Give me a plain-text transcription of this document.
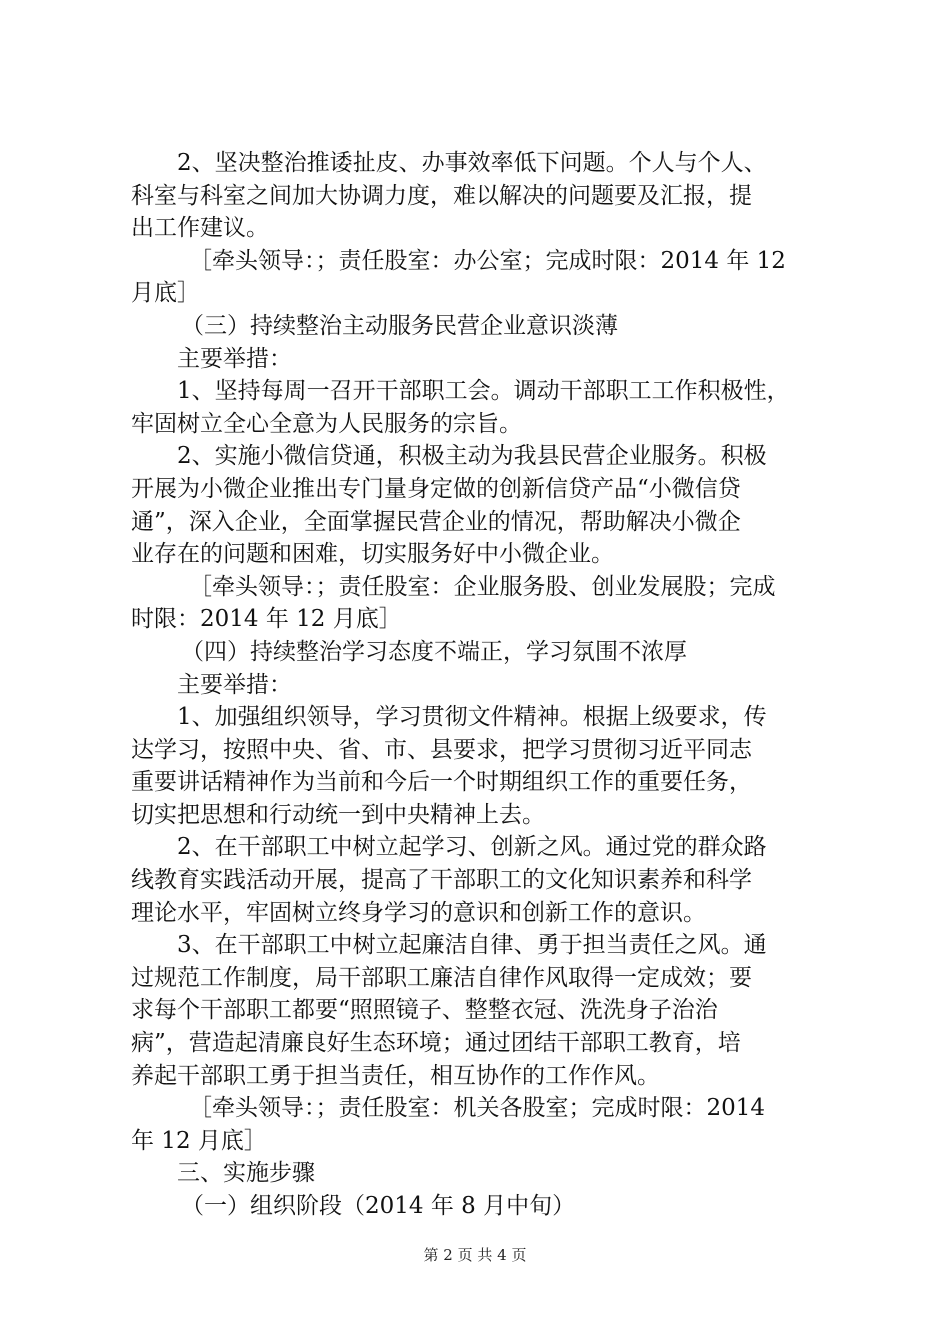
2、坚决整治推诿扯皮、办事效率低下问题。个人与个人、
科室与科室之间加大协调力度，难以解决的问题要及汇报，提
出工作建议。
［牵头领导：；责任股室：办公室；完成时限：2014 年 12
月底］
（三）持续整治主动服务民营企业意识淡薄
主要举措：
1、坚持每周一召开干部职工会。调动干部职工工作积极性，
牢固树立全心全意为人民服务的宗旨。
2、实施小微信贷通，积极主动为我县民营企业服务。积极
开展为小微企业推出专门量身定做的创新信贷产品“小微信贷
通”，深入企业，全面掌握民营企业的情况，帮助解决小微企
业存在的问题和困难，切实服务好中小微企业。
［牵头领导：；责任股室：企业服务股、创业发展股；完成
时限：2014 年 12 月底］
（四）持续整治学习态度不端正，学习氛围不浓厚
主要举措：
1、加强组织领导，学习贯彻文件精神。根据上级要求，传
达学习，按照中央、省、市、县要求，把学习贯彻习近平同志
重要讲话精神作为当前和今后一个时期组织工作的重要任务，
切实把思想和行动统一到中央精神上去。
2、在干部职工中树立起学习、创新之风。通过党的群众路
线教育实践活动开展，提高了干部职工的文化知识素养和科学
理论水平，牢固树立终身学习的意识和创新工作的意识。
3、在干部职工中树立起廉洁自律、勇于担当责任之风。通
过规范工作制度，局干部职工廉洁自律作风取得一定成效；要
求每个干部职工都要“照照镜子、整整衣冠、洗洗身子治治
病”，营造起清廉良好生态环境；通过团结干部职工教育，培
养起干部职工勇于担当责任，相互协作的工作作风。
［牵头领导：；责任股室：机关各股室；完成时限：2014
年 12 月底］
三、实施步骤
（一）组织阶段（2014 年 8 月中旬）
第 2 页 共 4 页
